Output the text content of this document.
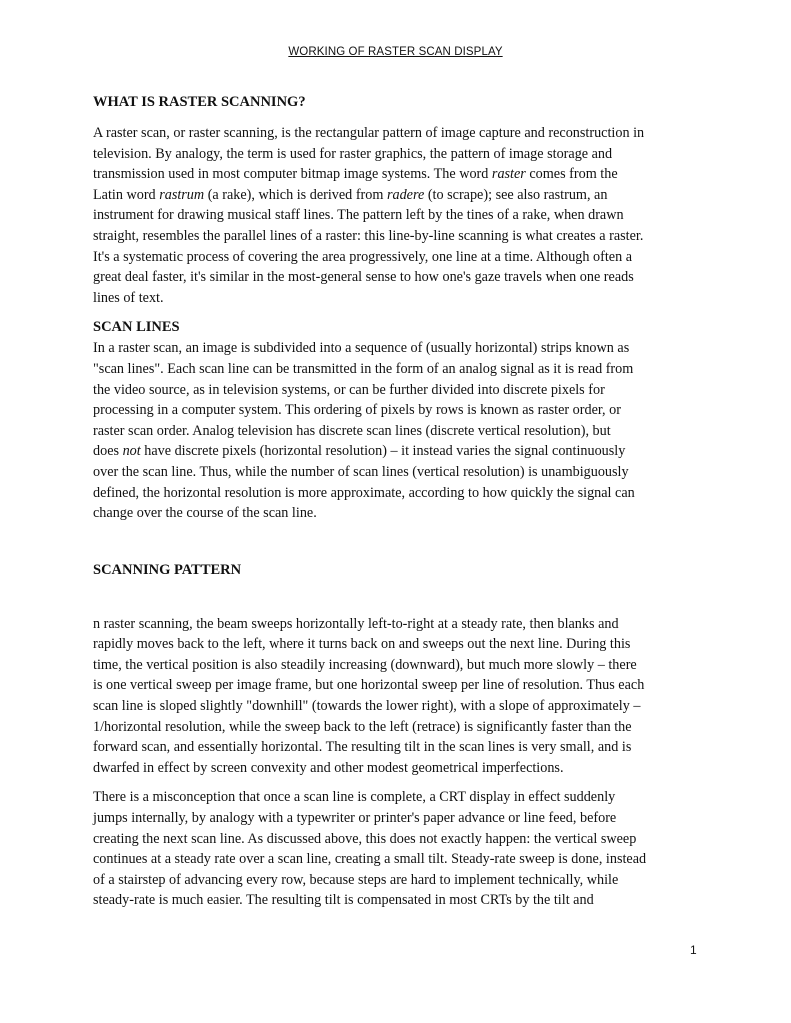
WORKING OF RASTER SCAN DISPLAY
WHAT IS RASTER SCANNING?

A raster scan, or raster scanning, is the rectangular pattern of image capture and reconstruction in
television. By analogy, the term is used for raster graphics, the pattern of image storage and
transmission used in most computer bitmap image systems. The word raster comes from the
Latin word rastrum (a rake), which is derived from radere (to scrape); see also rastrum, an
instrument for drawing musical staff lines. The pattern left by the tines of a rake, when drawn
straight, resembles the parallel lines of a raster: this line-by-line scanning is what creates a raster.
It's a systematic process of covering the area progressively, one line at a time. Although often a
great deal faster, it's similar in the most-general sense to how one's gaze travels when one reads
lines of text.

SCAN LINES

In a raster scan, an image is subdivided into a sequence of (usually horizontal) strips known as
"scan lines". Each scan line can be transmitted in the form of an analog signal as it is read from
the video source, as in television systems, or can be further divided into discrete pixels for
processing in a computer system. This ordering of pixels by rows is known as raster order, or
raster scan order. Analog television has discrete scan lines (discrete vertical resolution), but
does not have discrete pixels (horizontal resolution) – it instead varies the signal continuously
over the scan line. Thus, while the number of scan lines (vertical resolution) is unambiguously
defined, the horizontal resolution is more approximate, according to how quickly the signal can
change over the course of the scan line.

SCANNING PATTERN

n raster scanning, the beam sweeps horizontally left-to-right at a steady rate, then blanks and
rapidly moves back to the left, where it turns back on and sweeps out the next line. During this
time, the vertical position is also steadily increasing (downward), but much more slowly – there
is one vertical sweep per image frame, but one horizontal sweep per line of resolution. Thus each
scan line is sloped slightly "downhill" (towards the lower right), with a slope of approximately –
1/horizontal resolution, while the sweep back to the left (retrace) is significantly faster than the
forward scan, and essentially horizontal. The resulting tilt in the scan lines is very small, and is
dwarfed in effect by screen convexity and other modest geometrical imperfections.

There is a misconception that once a scan line is complete, a CRT display in effect suddenly
jumps internally, by analogy with a typewriter or printer's paper advance or line feed, before
creating the next scan line. As discussed above, this does not exactly happen: the vertical sweep
continues at a steady rate over a scan line, creating a small tilt. Steady-rate sweep is done, instead
of a stairstep of advancing every row, because steps are hard to implement technically, while
steady-rate is much easier. The resulting tilt is compensated in most CRTs by the tilt and

1
